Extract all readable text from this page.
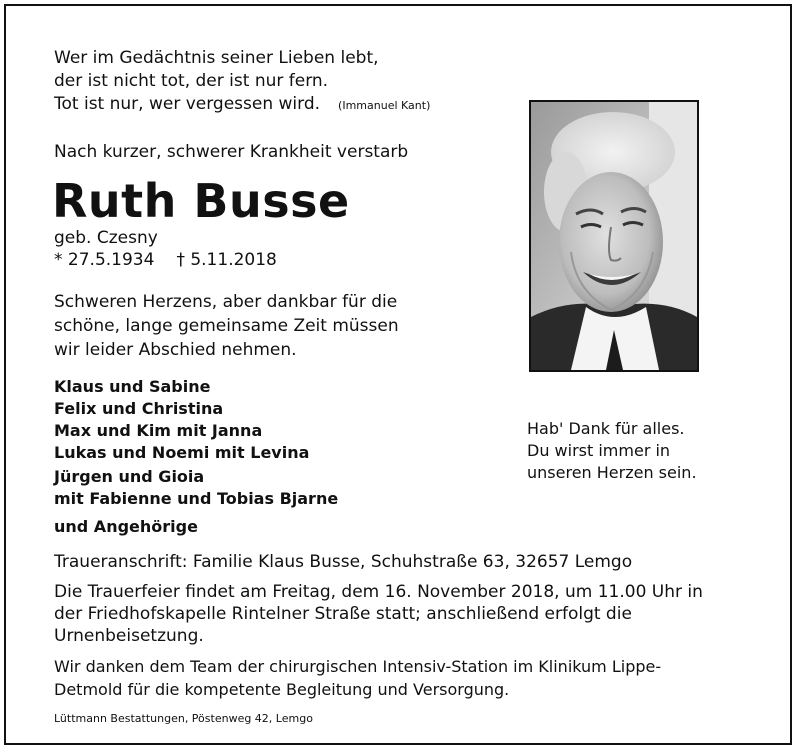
Wer im Gedächtnis seiner Lieben lebt,
der ist nicht tot, der ist nur fern.
Tot ist nur, wer vergessen wird. (Immanuel Kant)
Nach kurzer, schwerer Krankheit verstarb
Ruth Busse
geb. Czesny
* 27.5.1934 † 5.11.2018
Schweren Herzens, aber dankbar für die
schöne, lange gemeinsame Zeit müssen
wir leider Abschied nehmen.
Klaus und Sabine
Felix und Christina
Max und Kim mit Janna
Lukas und Noemi mit Levina
Jürgen und Gioia
mit Fabienne und Tobias Bjarne
und Angehörige
Hab' Dank für alles.
Du wirst immer in
unseren Herzen sein.
Traueranschrift: Familie Klaus Busse, Schuhstraße 63, 32657 Lemgo
Die Trauerfeier findet am Freitag, dem 16. November 2018, um 11.00 Uhr in
der Friedhofskapelle Rintelner Straße statt; anschließend erfolgt die
Urnenbeisetzung.
Wir danken dem Team der chirurgischen Intensiv-Station im Klinikum Lippe-
Detmold für die kompetente Begleitung und Versorgung.
Lüttmann Bestattungen, Pöstenweg 42, Lemgo
